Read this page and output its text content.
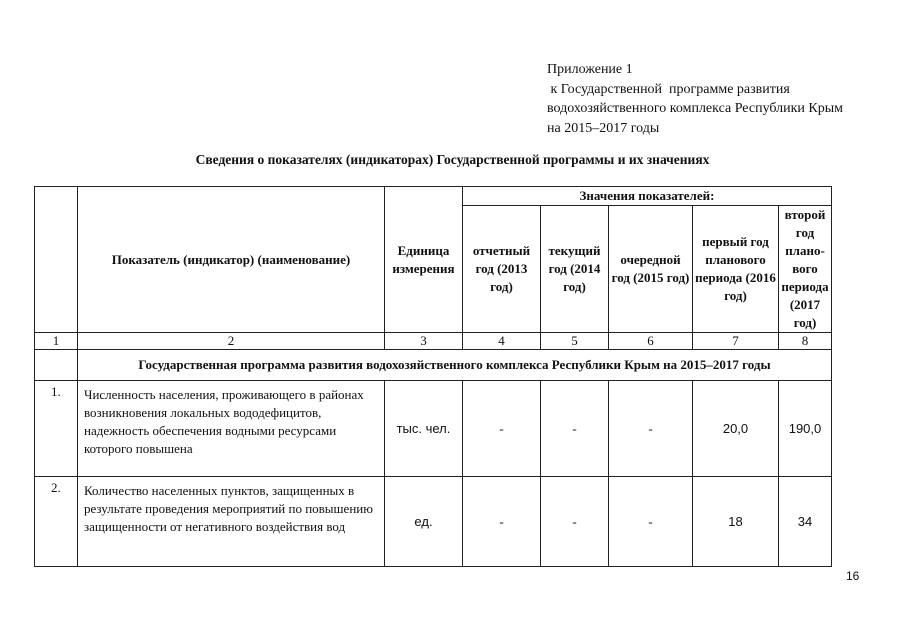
Приложение 1
к Государственной  программе развития
водохозяйственного комплекса Республики Крым
на 2015–2017 годы
Сведения о показателях (индикаторах) Государственной программы и их значениях
	Показатель (индикатор) (наименование)	Единица измерения	Значения показателей:				
			отчетный год (2013 год)	текущий год (2014 год)	очередной год (2015 год)	первый год планового периода (2016 год)	второй год плано-вого периода (2017 год)
1	2	3	4	5	6	7	8
	Государственная программа развития водохозяйственного комплекса Республики Крым на 2015–2017 годы						
1.	Численность населения, проживающего в районах возникновения локальных вододефицитов, надежность обеспечения водными ресурсами которого повышена	тыс. чел.	-	-	-	20,0	190,0
2.	Количество населенных пунктов, защищенных в результате проведения мероприятий по повышению защищенности от негативного воздействия вод	ед.	-	-	-	18	34
16
